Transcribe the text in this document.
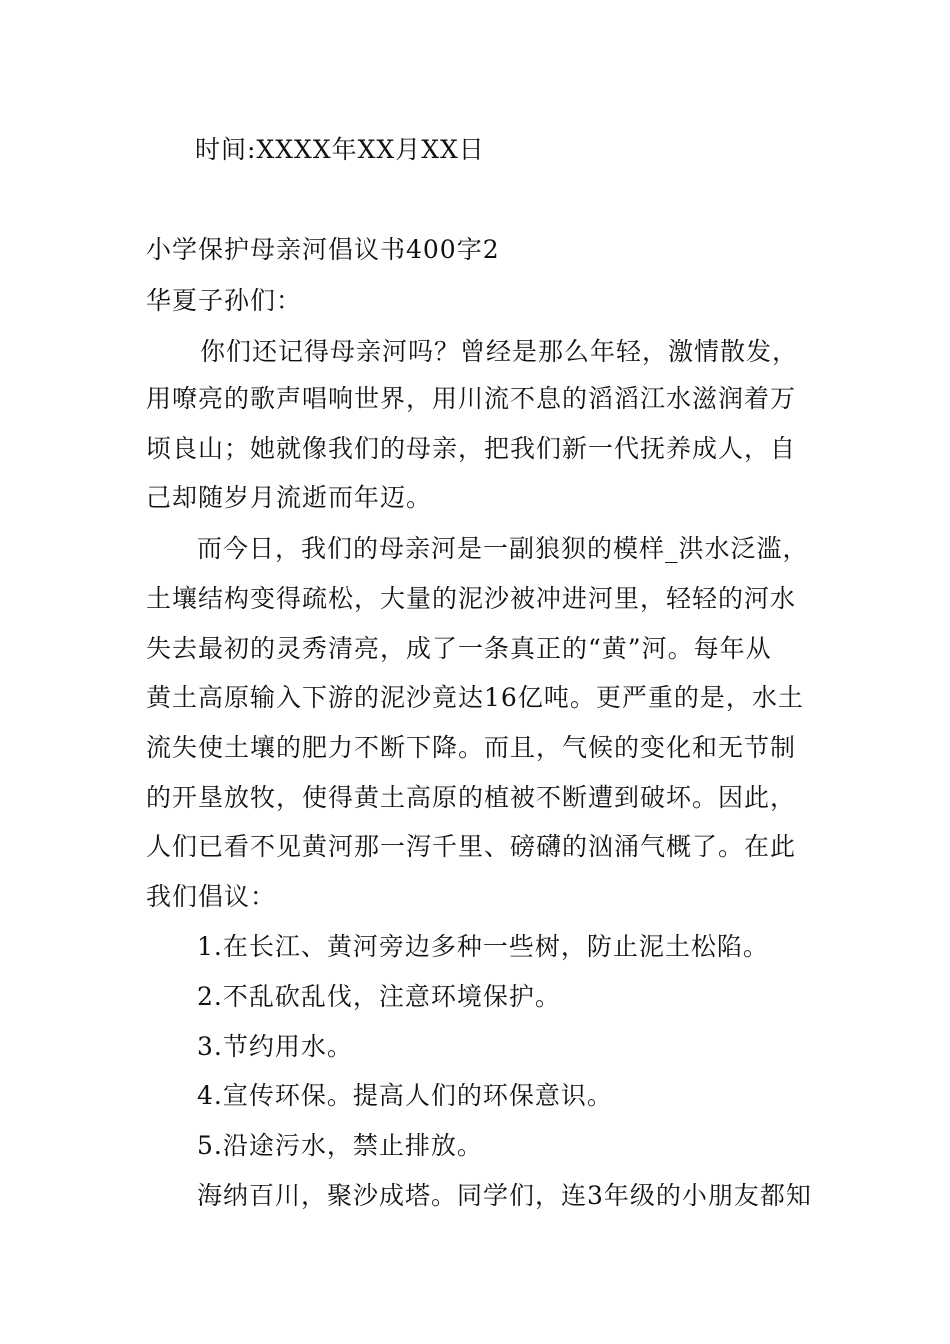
时间:XXXX年XX月XX日
小学保护母亲河倡议书400字2
华夏子孙们：
你们还记得母亲河吗？曾经是那么年轻，激情散发，
用嘹亮的歌声唱响世界，用川流不息的滔滔江水滋润着万
顷良山；她就像我们的母亲，把我们新一代抚养成人，自
己却随岁月流逝而年迈。
而今日，我们的母亲河是一副狼狈的模样_洪水泛滥，
土壤结构变得疏松，大量的泥沙被冲进河里，轻轻的河水
失去最初的灵秀清亮，成了一条真正的“黄”河。每年从
黄土高原输入下游的泥沙竟达16亿吨。更严重的是，水土
流失使土壤的肥力不断下降。而且，气候的变化和无节制
的开垦放牧，使得黄土高原的植被不断遭到破坏。因此，
人们已看不见黄河那一泻千里、磅礴的汹涌气概了。在此
我们倡议：
1.在长江、黄河旁边多种一些树，防止泥土松陷。
2.不乱砍乱伐，注意环境保护。
3.节约用水。
4.宣传环保。提高人们的环保意识。
5.沿途污水，禁止排放。
海纳百川，聚沙成塔。同学们，连3年级的小朋友都知
